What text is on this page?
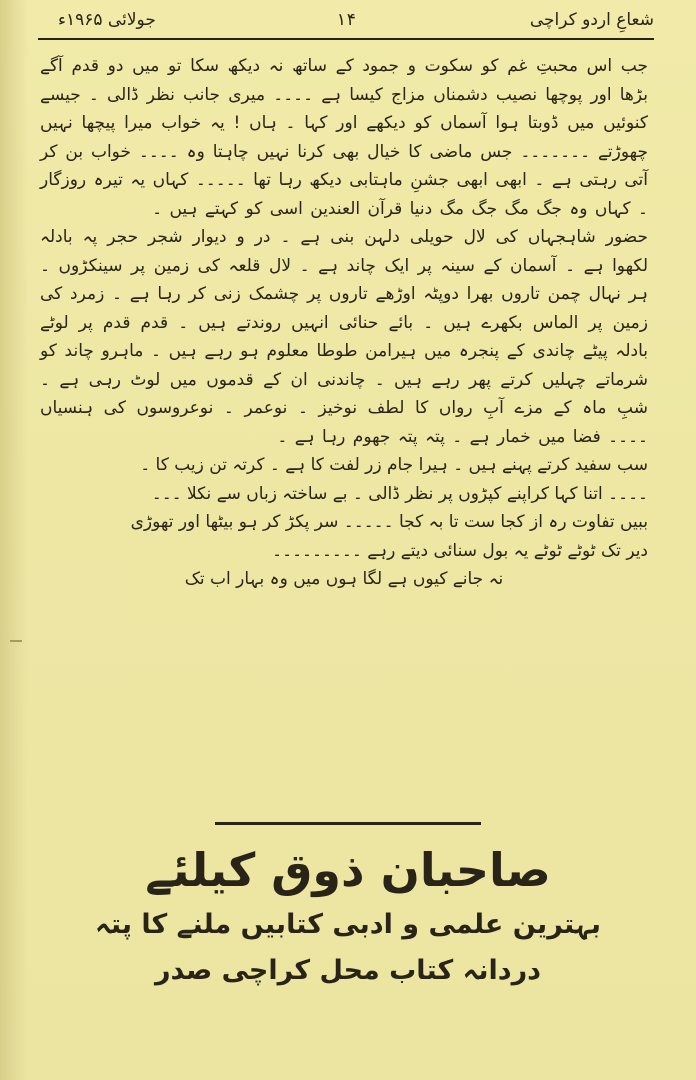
شعاعِ اردو کراچی
١۴
جولائی ۱۹۶۵ء

جب اس محبتِ غم کو سکوت و جمود کے ساتھ نہ دیکھ سکا تو میں دو قدم آگے بڑھا اور پوچھا نصیب دشمناں مزاج کیسا ہے ۔۔۔۔ میری جانب نظر ڈالی ۔ جیسے کنوئیں میں ڈوبتا ہوا آسماں کو دیکھے اور کہا ۔ ہاں ! یہ خواب میرا پیچھا نہیں چھوڑتے ۔۔۔۔۔۔۔ جس ماضی کا خیال بھی کرنا نہیں چاہتا وہ ۔۔۔۔ خواب بن کر آتی رہتی ہے ۔ ابھی ابھی جشنِ ماہتابی دیکھ رہا تھا ۔۔۔۔۔ کہاں یہ تیرہ روزگار ۔ کہاں وہ جگ مگ جگ مگ دنیا قرآن العندین اسی کو کہتے ہیں ۔

حضور شاہجہاں کی لال حویلی دلہن بنی ہے ۔ در و دیوار شجر حجر پہ بادلہ لکھوا ہے ۔ آسمان کے سینہ پر ایک چاند ہے ۔ لال قلعہ کی زمین پر سینکڑوں ۔ ہر نہال چمن تاروں بھرا دوپٹہ اوڑھے تاروں پر چشمک زنی کر رہا ہے ۔ زمرد کی زمین پر الماس بکھرے ہیں ۔ بائے حنائی انہیں روندتے ہیں ۔ قدم قدم پر لوٹے بادلہ پیٹے چاندی کے پنجرہ میں ہیرامن طوطا معلوم ہو رہے ہیں ۔ ماہرو چاند کو شرماتے چہلیں کرتے پھر رہے ہیں ۔ چاندنی ان کے قدموں میں لوٹ رہی ہے ۔ شبِ ماہ کے مزے آبِ رواں کا لطف نوخیز ۔ نوعمر ۔ نوعروسوں کی ہنسیاں ۔۔۔۔ فضا میں خمار ہے ۔ پتہ پتہ جھوم رہا ہے ۔

سب سفید کرتے پہنے ہیں ۔ ہیرا جام زر لفت کا ہے ۔ کرتہ تن زیب کا ۔
۔۔۔۔ اتنا کہا کراپنے کپڑوں پر نظر ڈالی ۔ بے ساختہ زباں سے نکلا ۔۔۔
ببیں تفاوت رہ از کجا ست تا بہ کجا ۔۔۔۔۔ سر پکڑ کر ہو بیٹھا اور تھوڑی
دیر تک ٹوٹے ٹوٹے یہ بول سنائی دیتے رہے ۔۔۔۔۔۔۔۔۔
نہ جانے کیوں ہے لگا ہوں میں وہ بہار اب تک
صاحبان ذوق کیلئے
بہترین علمی و ادبی کتابیں ملنے کا پتہ
دردانہ کتاب محل کراچی صدر
